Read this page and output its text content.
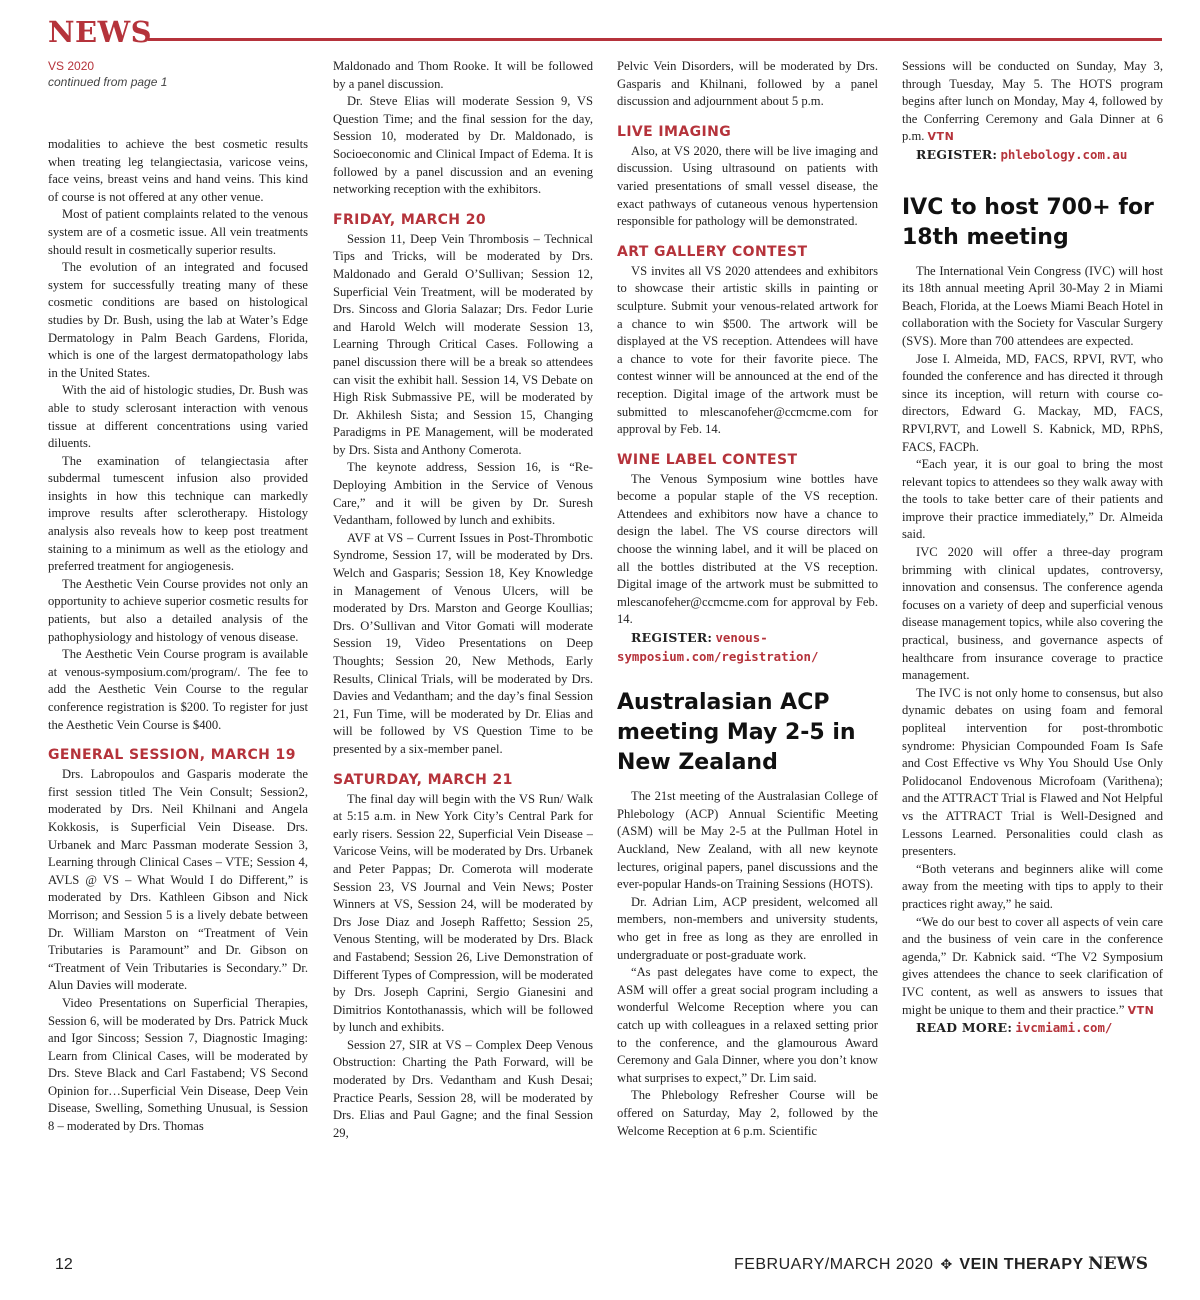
NEWS
VS 2020
continued from page 1

modalities to achieve the best cosmetic results when treating leg telangiectasia, varicose veins, face veins, breast veins and hand veins. This kind of course is not offered at any other venue.

Most of patient complaints related to the venous system are of a cosmetic issue. All vein treatments should result in cosmetically superior results.

The evolution of an integrated and focused system for successfully treating many of these cosmetic conditions are based on histological studies by Dr. Bush, using the lab at Water’s Edge Dermatology in Palm Beach Gardens, Florida, which is one of the largest dermatopathology labs in the United States.

With the aid of histologic studies, Dr. Bush was able to study sclerosant interaction with venous tissue at different concentrations using varied diluents.

The examination of telangiectasia after subdermal tumescent infusion also provided insights in how this technique can markedly improve results after sclerotherapy. Histology analysis also reveals how to keep post treatment staining to a minimum as well as the etiology and preferred treatment for angiogenesis.

The Aesthetic Vein Course provides not only an opportunity to achieve superior cosmetic results for patients, but also a detailed analysis of the pathophysiology and histology of venous disease.

The Aesthetic Vein Course program is available at venous-symposium.com/program/. The fee to add the Aesthetic Vein Course to the regular conference registration is $200. To register for just the Aesthetic Vein Course is $400.

GENERAL SESSION, MARCH 19

Drs. Labropoulos and Gasparis moderate the first session titled The Vein Consult; Session2, moderated by Drs. Neil Khilnani and Angela Kokkosis, is Superficial Vein Disease. Drs. Urbanek and Marc Passman moderate Session 3, Learning through Clinical Cases – VTE; Session 4, AVLS @ VS – What Would I do Different,” is moderated by Drs. Kathleen Gibson and Nick Morrison; and Session 5 is a lively debate between Dr. William Marston on “Treatment of Vein Tributaries is Paramount” and Dr. Gibson on “Treatment of Vein Tributaries is Secondary.” Dr. Alun Davies will moderate.

Video Presentations on Superficial Therapies, Session 6, will be moderated by Drs. Patrick Muck and Igor Sincoss; Session 7, Diagnostic Imaging: Learn from Clinical Cases, will be moderated by Drs. Steve Black and Carl Fastabend; VS Second Opinion for…Superficial Vein Disease, Deep Vein Disease, Swelling, Something Unusual, is Session 8 – moderated by Drs. Thomas

Maldonado and Thom Rooke. It will be followed by a panel discussion.

Dr. Steve Elias will moderate Session 9, VS Question Time; and the final session for the day, Session 10, moderated by Dr. Maldonado, is Socioeconomic and Clinical Impact of Edema. It is followed by a panel discussion and an evening networking reception with the exhibitors.

FRIDAY, MARCH 20

Session 11, Deep Vein Thrombosis – Technical Tips and Tricks, will be moderated by Drs. Maldonado and Gerald O’Sullivan; Session 12, Superficial Vein Treatment, will be moderated by Drs. Sincoss and Gloria Salazar; Drs. Fedor Lurie and Harold Welch will moderate Session 13, Learning Through Critical Cases. Following a panel discussion there will be a break so attendees can visit the exhibit hall. Session 14, VS Debate on High Risk Submassive PE, will be moderated by Dr. Akhilesh Sista; and Session 15, Changing Paradigms in PE Management, will be moderated by Drs. Sista and Anthony Comerota.

The keynote address, Session 16, is “Re-Deploying Ambition in the Service of Venous Care,” and it will be given by Dr. Suresh Vedantham, followed by lunch and exhibits.

AVF at VS – Current Issues in Post-Thrombotic Syndrome, Session 17, will be moderated by Drs. Welch and Gasparis; Session 18, Key Knowledge in Management of Venous Ulcers, will be moderated by Drs. Marston and George Koullias; Drs. O’Sullivan and Vitor Gomati will moderate Session 19, Video Presentations on Deep Thoughts; Session 20, New Methods, Early Results, Clinical Trials, will be moderated by Drs. Davies and Vedantham; and the day’s final Session 21, Fun Time, will be moderated by Dr. Elias and will be followed by VS Question Time to be presented by a six-member panel.

SATURDAY, MARCH 21

The final day will begin with the VS Run/ Walk at 5:15 a.m. in New York City’s Central Park for early risers. Session 22, Superficial Vein Disease – Varicose Veins, will be moderated by Drs. Urbanek and Peter Pappas; Dr. Comerota will moderate Session 23, VS Journal and Vein News; Poster Winners at VS, Session 24, will be moderated by Drs Jose Diaz and Joseph Raffetto; Session 25, Venous Stenting, will be moderated by Drs. Black and Fastabend; Session 26, Live Demonstration of Different Types of Compression, will be moderated by Drs. Joseph Caprini, Sergio Gianesini and Dimitrios Kontothanassis, which will be followed by lunch and exhibits.

Session 27, SIR at VS – Complex Deep Venous Obstruction: Charting the Path Forward, will be moderated by Drs. Vedantham and Kush Desai; Practice Pearls, Session 28, will be moderated by Drs. Elias and Paul Gagne; and the final Session 29,

Pelvic Vein Disorders, will be moderated by Drs. Gasparis and Khilnani, followed by a panel discussion and adjournment about 5 p.m.

LIVE IMAGING

Also, at VS 2020, there will be live imaging and discussion. Using ultrasound on patients with varied presentations of small vessel disease, the exact pathways of cutaneous venous hypertension responsible for pathology will be demonstrated.

ART GALLERY CONTEST

VS invites all VS 2020 attendees and exhibitors to showcase their artistic skills in painting or sculpture. Submit your venous-related artwork for a chance to win $500. The artwork will be displayed at the VS reception. Attendees will have a chance to vote for their favorite piece. The contest winner will be announced at the end of the reception. Digital image of the artwork must be submitted to mlescanofeher@ccmcme.com for approval by Feb. 14.

WINE LABEL CONTEST

The Venous Symposium wine bottles have become a popular staple of the VS reception. Attendees and exhibitors now have a chance to design the label. The VS course directors will choose the winning label, and it will be placed on all the bottles distributed at the VS reception. Digital image of the artwork must be submitted to mlescanofeher@ccmcme.com for approval by Feb. 14.

REGISTER: venous-symposium.com/registration/

Australasian ACP meeting May 2-5 in New Zealand

The 21st meeting of the Australasian College of Phlebology (ACP) Annual Scientific Meeting (ASM) will be May 2-5 at the Pullman Hotel in Auckland, New Zealand, with all new keynote lectures, original papers, panel discussions and the ever-popular Hands-on Training Sessions (HOTS).

Dr. Adrian Lim, ACP president, welcomed all members, non-members and university students, who get in free as long as they are enrolled in undergraduate or post-graduate work.

“As past delegates have come to expect, the ASM will offer a great social program including a wonderful Welcome Reception where you can catch up with colleagues in a relaxed setting prior to the conference, and the glamourous Award Ceremony and Gala Dinner, where you don’t know what surprises to expect,” Dr. Lim said.

The Phlebology Refresher Course will be offered on Saturday, May 2, followed by the Welcome Reception at 6 p.m. Scientific

Sessions will be conducted on Sunday, May 3, through Tuesday, May 5. The HOTS program begins after lunch on Monday, May 4, followed by the Conferring Ceremony and Gala Dinner at 6 p.m. VTN

REGISTER: phlebology.com.au

IVC to host 700+ for 18th meeting

The International Vein Congress (IVC) will host its 18th annual meeting April 30-May 2 in Miami Beach, Florida, at the Loews Miami Beach Hotel in collaboration with the Society for Vascular Surgery (SVS). More than 700 attendees are expected.

Jose I. Almeida, MD, FACS, RPVI, RVT, who founded the conference and has directed it through since its inception, will return with course co-directors, Edward G. Mackay, MD, FACS, RPVI,RVT, and Lowell S. Kabnick, MD, RPhS, FACS, FACPh.

“Each year, it is our goal to bring the most relevant topics to attendees so they walk away with the tools to take better care of their patients and improve their practice immediately,” Dr. Almeida said.

IVC 2020 will offer a three-day program brimming with clinical updates, controversy, innovation and consensus. The conference agenda focuses on a variety of deep and superficial venous disease management topics, while also covering the practical, business, and governance aspects of healthcare from insurance coverage to practice management.

The IVC is not only home to consensus, but also dynamic debates on using foam and femoral popliteal intervention for post-thrombotic syndrome: Physician Compounded Foam Is Safe and Cost Effective vs Why You Should Use Only Polidocanol Endovenous Microfoam (Varithena); and the ATTRACT Trial is Flawed and Not Helpful vs the ATTRACT Trial is Well-Designed and Lessons Learned. Personalities could clash as presenters.

“Both veterans and beginners alike will come away from the meeting with tips to apply to their practices right away,” he said.

“We do our best to cover all aspects of vein care and the business of vein care in the conference agenda,” Dr. Kabnick said. “The V2 Symposium gives attendees the chance to seek clarification of IVC content, as well as answers to issues that might be unique to them and their practice.” VTN

READ MORE: ivcmiami.com/

12	FEBRUARY/MARCH 2020 ✥ VEIN THERAPY NEWS
